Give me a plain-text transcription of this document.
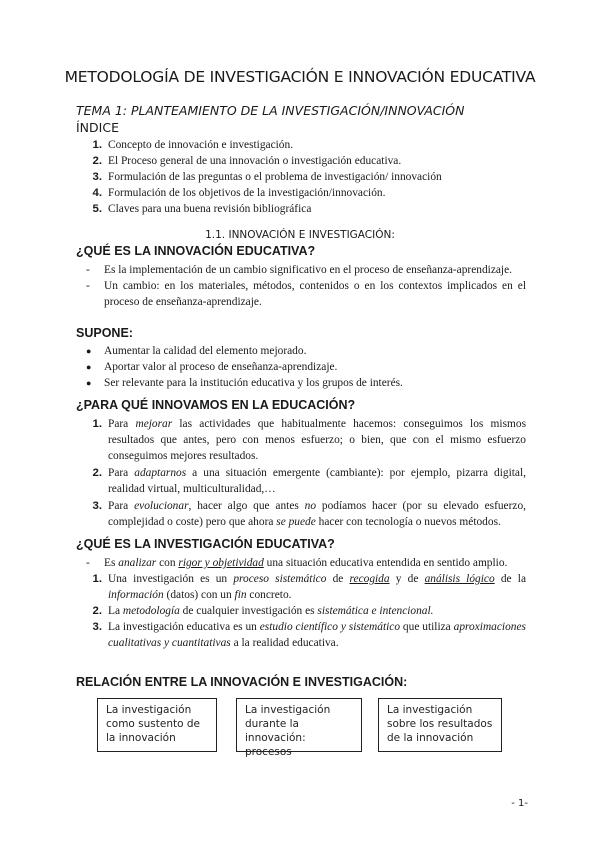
METODOLOGÍA DE INVESTIGACIÓN E INNOVACIÓN EDUCATIVA
TEMA 1: PLANTEAMIENTO DE LA INVESTIGACIÓN/INNOVACIÓN
ÍNDICE
1. Concepto de innovación e investigación.
2. El Proceso general de una innovación o investigación educativa.
3. Formulación de las preguntas o el problema de investigación/ innovación
4. Formulación de los objetivos de la investigación/innovación.
5. Claves para una buena revisión bibliográfica
1.1. INNOVACIÓN E INVESTIGACIÓN:
¿QUÉ ES LA INNOVACIÓN EDUCATIVA?
-	Es la implementación de un cambio significativo en el proceso de enseñanza-aprendizaje.
-	Un cambio: en los materiales, métodos, contenidos o en los contextos implicados en el proceso de enseñanza-aprendizaje.
SUPONE:
●	Aumentar la calidad del elemento mejorado.
●	Aportar valor al proceso de enseñanza-aprendizaje.
●	Ser relevante para la institución educativa y los grupos de interés.
¿PARA QUÉ INNOVAMOS EN LA EDUCACIÓN?
1. Para mejorar las actividades que habitualmente hacemos: conseguimos los mismos resultados que antes, pero con menos esfuerzo; o bien, que con el mismo esfuerzo conseguimos mejores resultados.
2. Para adaptarnos a una situación emergente (cambiante): por ejemplo, pizarra digital, realidad virtual, multiculturalidad,…
3. Para evolucionar, hacer algo que antes no podíamos hacer (por su elevado esfuerzo, complejidad o coste) pero que ahora se puede hacer con tecnología o nuevos métodos.
¿QUÉ ES LA INVESTIGACIÓN EDUCATIVA?
-	Es analizar con rigor y objetividad una situación educativa entendida en sentido amplio.
1. Una investigación es un proceso sistemático de recogida y de análisis lógico de la información (datos) con un fin concreto.
2. La metodología de cualquier investigación es sistemática e intencional.
3. La investigación educativa es un estudio científico y sistemático que utiliza aproximaciones cualitativas y cuantitativas a la realidad educativa.
RELACIÓN ENTRE LA INNOVACIÓN E INVESTIGACIÓN:
La investigación como sustento de la innovación
La investigación durante la innovación: procesos
La investigación sobre los resultados de la innovación
- 1-
